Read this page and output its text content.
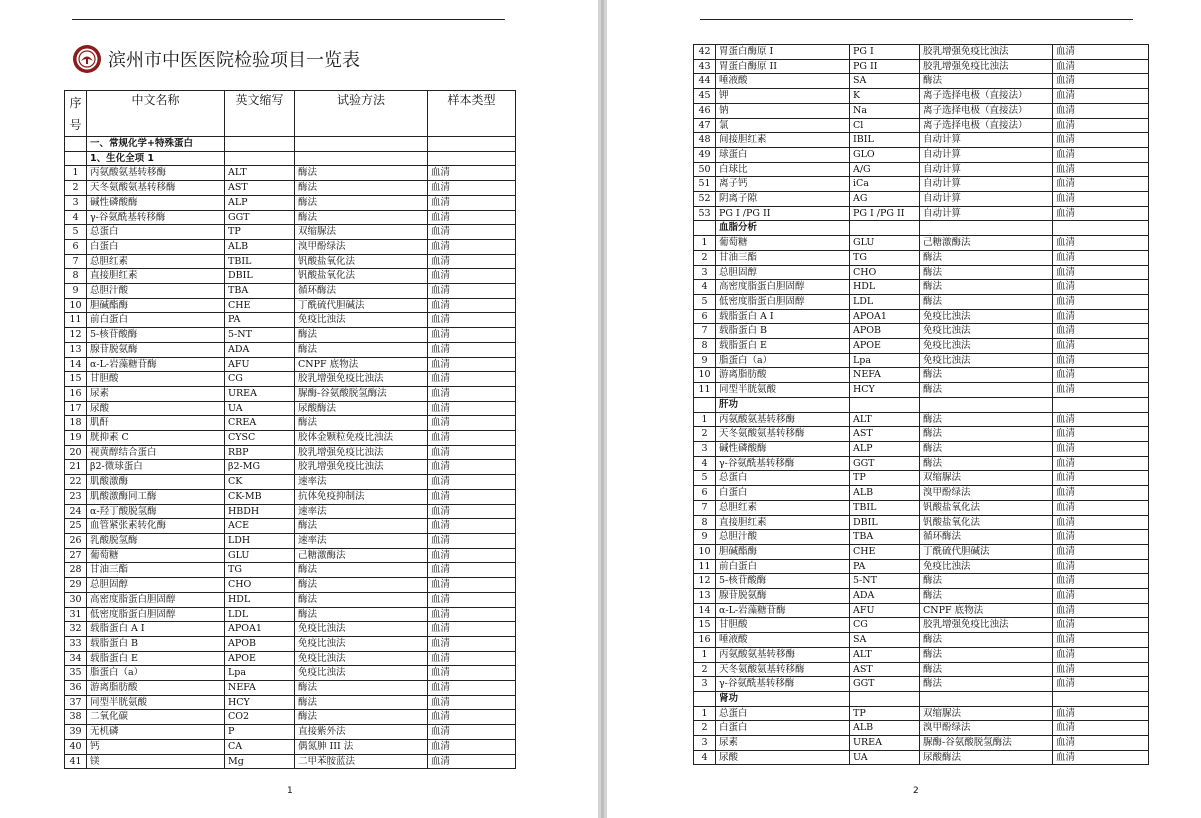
滨州市中医医院检验项目一览表
序号	中文名称	英文缩写	试验方法	样本类型
	一、常规化学+特殊蛋白			
	1、生化全项 1			
1	丙氨酸氨基转移酶	ALT	酶法	血清
2	天冬氨酸氨基转移酶	AST	酶法	血清
3	碱性磷酸酶	ALP	酶法	血清
4	γ-谷氨酰基转移酶	GGT	酶法	血清
5	总蛋白	TP	双缩脲法	血清
6	白蛋白	ALB	溴甲酚绿法	血清
7	总胆红素	TBIL	钒酸盐氧化法	血清
8	直接胆红素	DBIL	钒酸盐氧化法	血清
9	总胆汁酸	TBA	循环酶法	血清
10	胆碱酯酶	CHE	丁酰硫代胆碱法	血清
11	前白蛋白	PA	免疫比浊法	血清
12	5-核苷酸酶	5-NT	酶法	血清
13	腺苷脱氨酶	ADA	酶法	血清
14	α-L-岩藻糖苷酶	AFU	CNPF 底物法	血清
15	甘胆酸	CG	胶乳增强免疫比浊法	血清
16	尿素	UREA	脲酶-谷氨酸脱氢酶法	血清
17	尿酸	UA	尿酸酶法	血清
18	肌酐	CREA	酶法	血清
19	胱抑素 C	CYSC	胶体金颗粒免疫比浊法	血清
20	视黄醇结合蛋白	RBP	胶乳增强免疫比浊法	血清
21	β2-微球蛋白	β2-MG	胶乳增强免疫比浊法	血清
22	肌酸激酶	CK	速率法	血清
23	肌酸激酶同工酶	CK-MB	抗体免疫抑制法	血清
24	α-羟丁酸脱氢酶	HBDH	速率法	血清
25	血管紧张素转化酶	ACE	酶法	血清
26	乳酸脱氢酶	LDH	速率法	血清
27	葡萄糖	GLU	己糖激酶法	血清
28	甘油三酯	TG	酶法	血清
29	总胆固醇	CHO	酶法	血清
30	高密度脂蛋白胆固醇	HDL	酶法	血清
31	低密度脂蛋白胆固醇	LDL	酶法	血清
32	载脂蛋白 A I	APOA1	免疫比浊法	血清
33	载脂蛋白 B	APOB	免疫比浊法	血清
34	载脂蛋白 E	APOE	免疫比浊法	血清
35	脂蛋白（a）	Lpa	免疫比浊法	血清
36	游离脂肪酸	NEFA	酶法	血清
37	同型半胱氨酸	HCY	酶法	血清
38	二氧化碳	CO2	酶法	血清
39	无机磷	P	直接紫外法	血清
40	钙	CA	偶氮胂 III 法	血清
41	镁	Mg	二甲苯胺蓝法	血清
1
42	胃蛋白酶原 I	PG I	胶乳增强免疫比浊法	血清
43	胃蛋白酶原 II	PG II	胶乳增强免疫比浊法	血清
44	唾液酸	SA	酶法	血清
45	钾	K	离子选择电极（直接法）	血清
46	钠	Na	离子选择电极（直接法）	血清
47	氯	Cl	离子选择电极（直接法）	血清
48	间接胆红素	IBIL	自动计算	血清
49	球蛋白	GLO	自动计算	血清
50	白球比	A/G	自动计算	血清
51	离子钙	iCa	自动计算	血清
52	阴离子隙	AG	自动计算	血清
53	PG I /PG II	PG I /PG II	自动计算	血清
	血脂分析			
1	葡萄糖	GLU	己糖激酶法	血清
2	甘油三酯	TG	酶法	血清
3	总胆固醇	CHO	酶法	血清
4	高密度脂蛋白胆固醇	HDL	酶法	血清
5	低密度脂蛋白胆固醇	LDL	酶法	血清
6	载脂蛋白 A I	APOA1	免疫比浊法	血清
7	载脂蛋白 B	APOB	免疫比浊法	血清
8	载脂蛋白 E	APOE	免疫比浊法	血清
9	脂蛋白（a）	Lpa	免疫比浊法	血清
10	游离脂肪酸	NEFA	酶法	血清
11	同型半胱氨酸	HCY	酶法	血清
	肝功			
1	丙氨酸氨基转移酶	ALT	酶法	血清
2	天冬氨酸氨基转移酶	AST	酶法	血清
3	碱性磷酸酶	ALP	酶法	血清
4	γ-谷氨酰基转移酶	GGT	酶法	血清
5	总蛋白	TP	双缩脲法	血清
6	白蛋白	ALB	溴甲酚绿法	血清
7	总胆红素	TBIL	钒酸盐氧化法	血清
8	直接胆红素	DBIL	钒酸盐氧化法	血清
9	总胆汁酸	TBA	循环酶法	血清
10	胆碱酯酶	CHE	丁酰硫代胆碱法	血清
11	前白蛋白	PA	免疫比浊法	血清
12	5-核苷酸酶	5-NT	酶法	血清
13	腺苷脱氨酶	ADA	酶法	血清
14	α-L-岩藻糖苷酶	AFU	CNPF 底物法	血清
15	甘胆酸	CG	胶乳增强免疫比浊法	血清
16	唾液酸	SA	酶法	血清
1	丙氨酸氨基转移酶	ALT	酶法	血清
2	天冬氨酸氨基转移酶	AST	酶法	血清
3	γ-谷氨酰基转移酶	GGT	酶法	血清
	肾功			
1	总蛋白	TP	双缩脲法	血清
2	白蛋白	ALB	溴甲酚绿法	血清
3	尿素	UREA	脲酶-谷氨酸脱氢酶法	血清
4	尿酸	UA	尿酸酶法	血清
2
